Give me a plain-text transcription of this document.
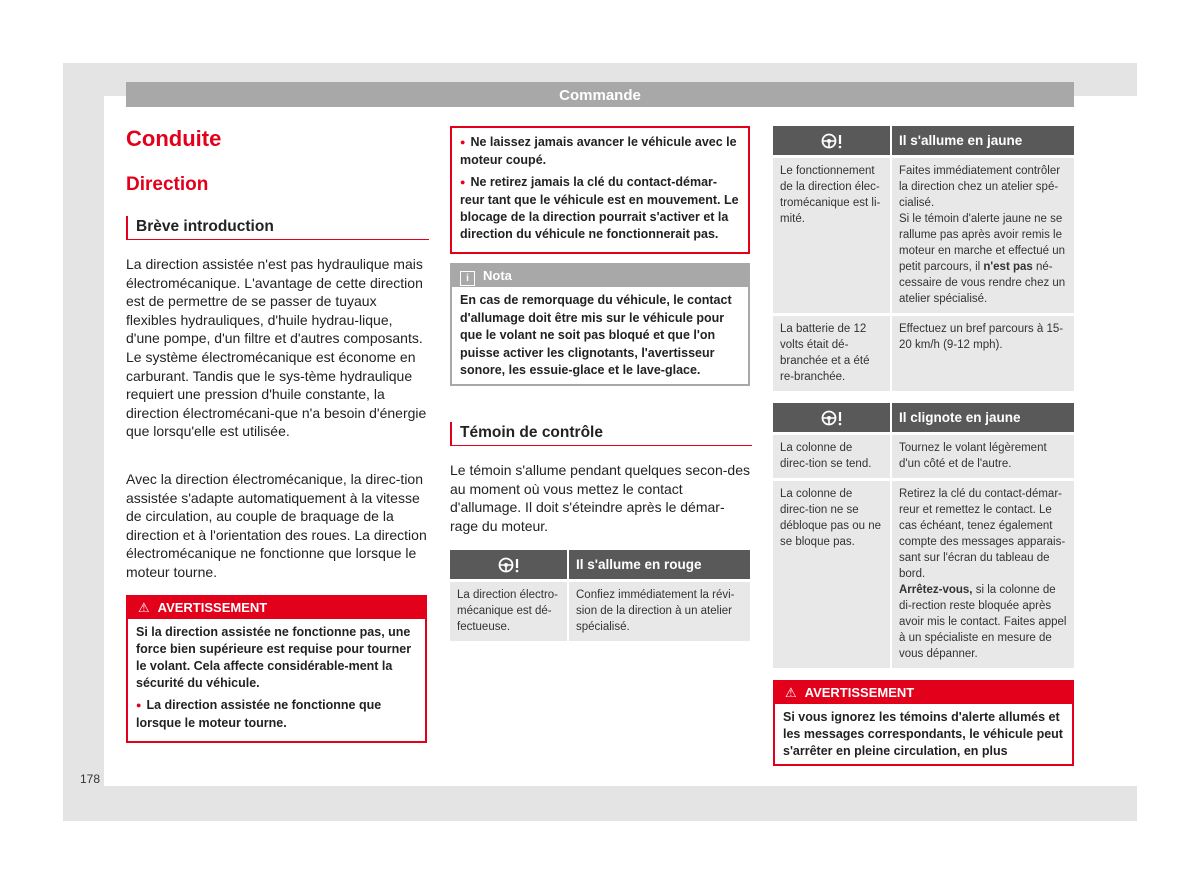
Commande
Conduite
Direction
Brève introduction

La direction assistée n'est pas hydraulique mais électromécanique. L'avantage de cette direction est de permettre de se passer de tuyaux flexibles hydrauliques, d'huile hydrau-lique, d'une pompe, d'un filtre et d'autres composants. Le système électromécanique est économe en carburant. Tandis que le sys-tème hydraulique requiert une pression d'huile constante, la direction électromécani-que n'a besoin d'énergie que lorsqu'elle est utilisée.

Avec la direction électromécanique, la direc-tion assistée s'adapte automatiquement à la vitesse de circulation, au couple de braquage de la direction et à l'orientation des roues. La direction électromécanique ne fonctionne que lorsque le moteur tourne.

⚠ AVERTISSEMENT

Si la direction assistée ne fonctionne pas, une force bien supérieure est requise pour tourner le volant. Cela affecte considérable-ment la sécurité du véhicule.

● La direction assistée ne fonctionne que lorsque le moteur tourne.

● Ne laissez jamais avancer le véhicule avec le moteur coupé.

● Ne retirez jamais la clé du contact-démar-reur tant que le véhicule est en mouvement. Le blocage de la direction pourrait s'activer et la direction du véhicule ne fonctionnerait pas.

i Nota
En cas de remorquage du véhicule, le contact d'allumage doit être mis sur le véhicule pour que le volant ne soit pas bloqué et que l'on puisse activer les clignotants, l'avertisseur sonore, les essuie-glace et le lave-glace.
Témoin de contrôle

Le témoin s'allume pendant quelques secon-des au moment où vous mettez le contact d'allumage. Il doit s'éteindre après le démar-rage du moteur.

	Il s'allume en rouge
La direction électro-mécanique est dé-fectueuse.	Confiez immédiatement la révi-sion de la direction à un atelier spécialisé.
	Il s'allume en jaune
Le fonctionnement de la direction élec-tromécanique est li-mité.	Faites immédiatement contrôler la direction chez un atelier spé-cialisé.
Si le témoin d'alerte jaune ne se rallume pas après avoir remis le moteur en marche et effectué un petit parcours, il n'est pas né-cessaire de vous rendre chez un atelier spécialisé.
La batterie de 12 volts était dé-branchée et a été re-branchée.	Effectuez un bref parcours à 15-20 km/h (9-12 mph).
	Il clignote en jaune
La colonne de direc-tion se tend.	Tournez le volant légèrement d'un côté et de l'autre.
La colonne de direc-tion ne se débloque pas ou ne se bloque pas.	Retirez la clé du contact-démar-reur et remettez le contact. Le cas échéant, tenez également compte des messages apparais-sant sur l'écran du tableau de bord.
Arrêtez-vous, si la colonne de di-rection reste bloquée après avoir mis le contact. Faites appel à un spécialiste en mesure de vous dépanner.
⚠ AVERTISSEMENT

Si vous ignorez les témoins d'alerte allumés et les messages correspondants, le véhicule peut s'arrêter en pleine circulation, en plus

178
